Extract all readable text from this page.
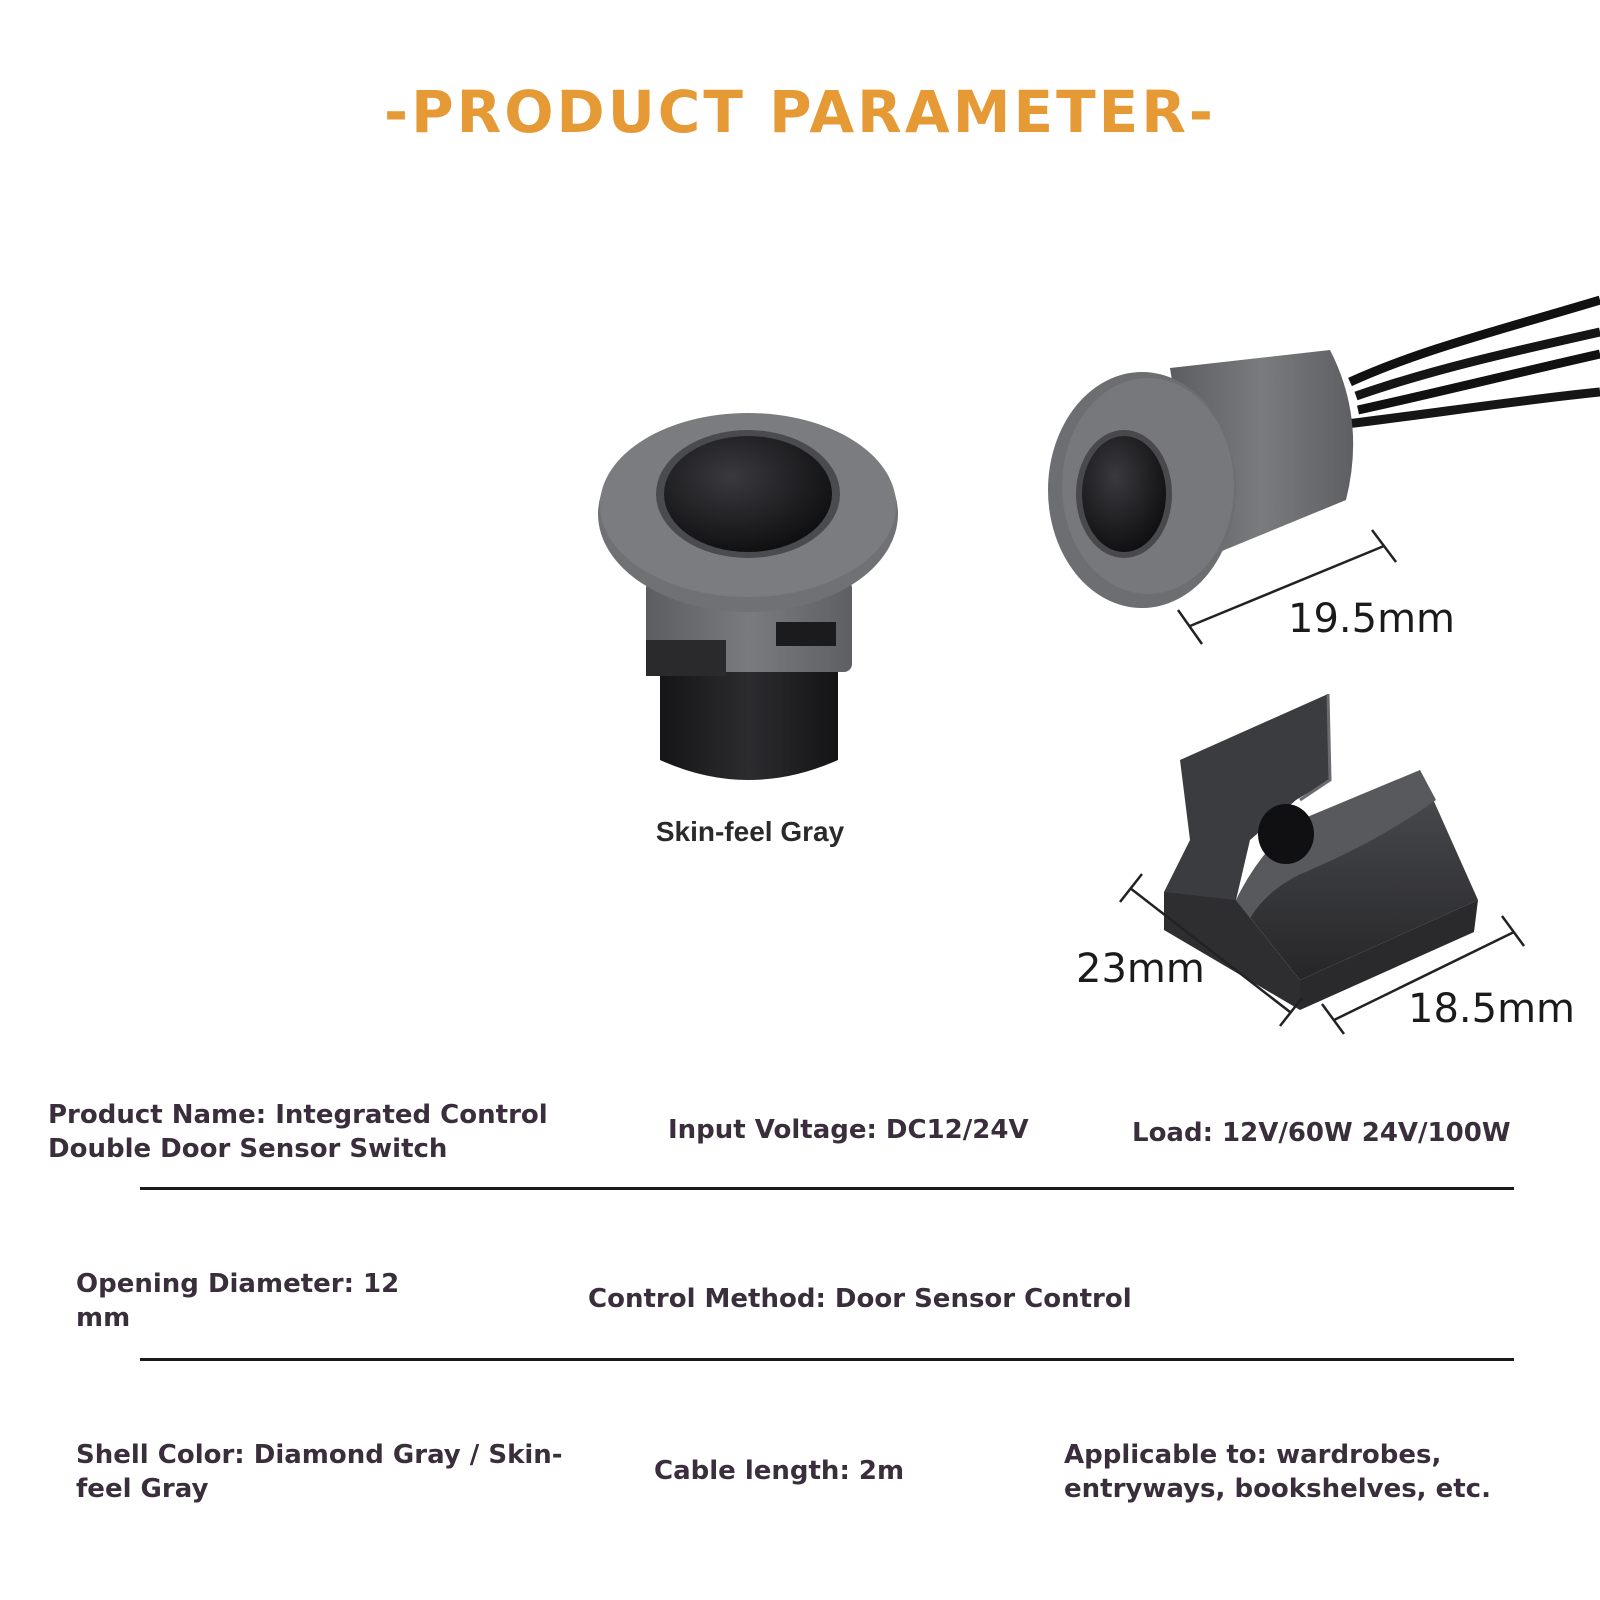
-PRODUCT PARAMETER-
19.5mm
23mm
18.5mm
Skin-feel Gray
Product Name: Integrated Control Double Door Sensor Switch
Input Voltage: DC12/24V	Load: 12V/60W 24V/100W
Opening Diameter: 12 mm
Control Method: Door Sensor Control
Shell Color: Diamond Gray / Skin-feel Gray
Cable length: 2m
Applicable to: wardrobes, entryways, bookshelves, etc.
